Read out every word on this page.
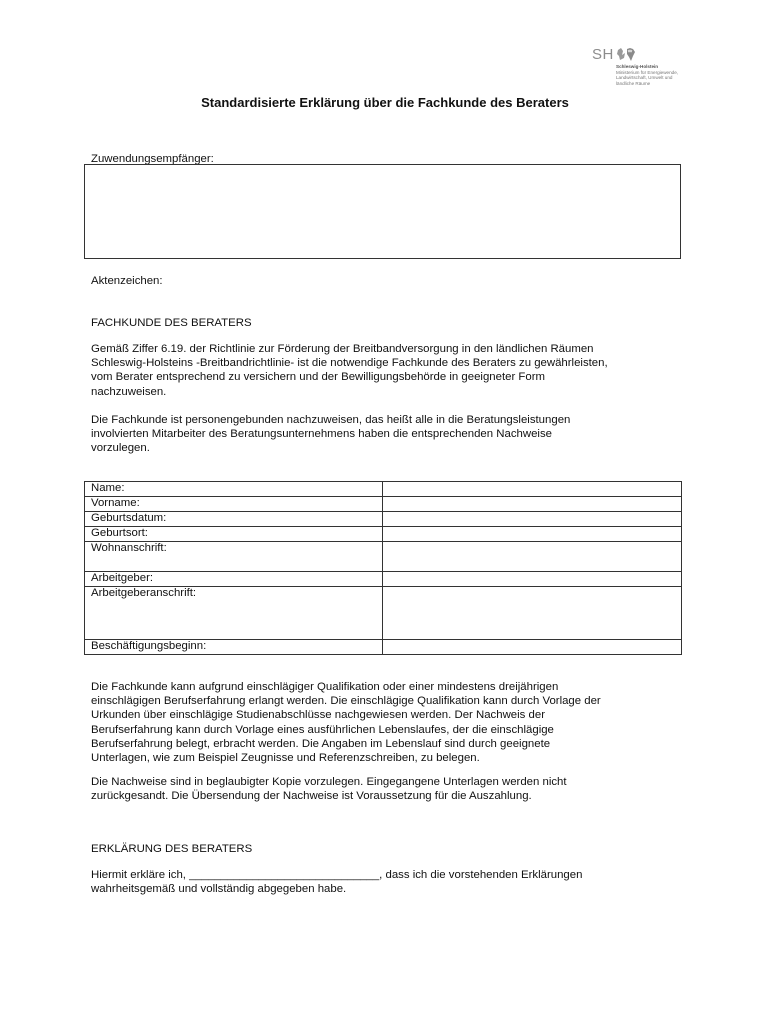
SH
Schleswig-Holstein
Ministerium für Energiewende,
Landwirtschaft, Umwelt und
ländliche Räume
Standardisierte Erklärung über die Fachkunde des Beraters
Zuwendungsempfänger:
Aktenzeichen:
FACHKUNDE DES BERATERS
Gemäß Ziffer 6.19. der Richtlinie zur Förderung der Breitbandversorgung in den ländlichen Räumen
Schleswig-Holsteins -Breitbandrichtlinie- ist die notwendige Fachkunde des Beraters zu gewährleisten,
vom Berater entsprechend zu versichern und der Bewilligungsbehörde in geeigneter Form
nachzuweisen.
Die Fachkunde ist personengebunden nachzuweisen, das heißt alle in die Beratungsleistungen
involvierten Mitarbeiter des Beratungsunternehmens haben die entsprechenden Nachweise
vorzulegen.
Name:	
Vorname:	
Geburtsdatum:	
Geburtsort:	
Wohnanschrift:	
Arbeitgeber:	
Arbeitgeberanschrift:	
Beschäftigungsbeginn:	
Die Fachkunde kann aufgrund einschlägiger Qualifikation oder einer mindestens dreijährigen
einschlägigen Berufserfahrung erlangt werden. Die einschlägige Qualifikation kann durch Vorlage der
Urkunden über einschlägige Studienabschlüsse nachgewiesen werden. Der Nachweis der
Berufserfahrung kann durch Vorlage eines ausführlichen Lebenslaufes, der die einschlägige
Berufserfahrung belegt, erbracht werden. Die Angaben im Lebenslauf sind durch geeignete
Unterlagen, wie zum Beispiel Zeugnisse und Referenzschreiben, zu belegen.
Die Nachweise sind in beglaubigter Kopie vorzulegen. Eingegangene Unterlagen werden nicht
zurückgesandt. Die Übersendung der Nachweise ist Voraussetzung für die Auszahlung.
ERKLÄRUNG DES BERATERS
Hiermit erkläre ich, ______________________________, dass ich die vorstehenden Erklärungen
wahrheitsgemäß und vollständig abgegeben habe.
